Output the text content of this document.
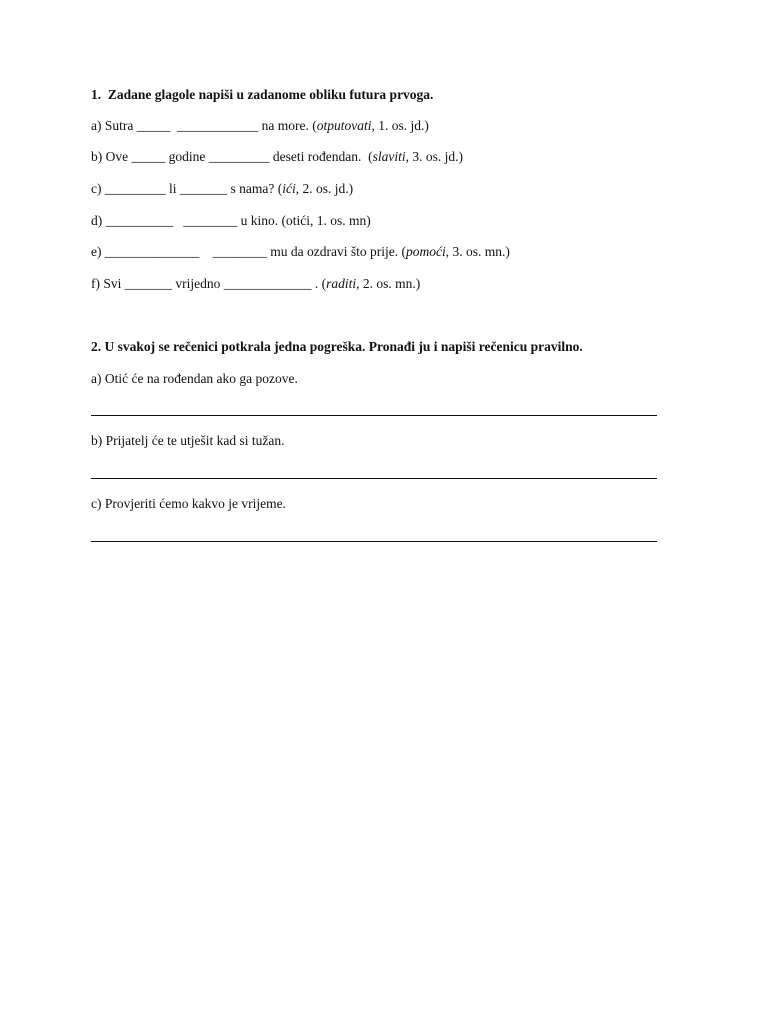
1.  Zadane glagole napiši u zadanome obliku futura prvoga.
a) Sutra _____  ____________ na more. (otputovati, 1. os. jd.)
b) Ove _____ godine _________ deseti rođendan.  (slaviti, 3. os. jd.)
c) _________ li _______ s nama? (ići, 2. os. jd.)
d) __________   ________ u kino. (otići, 1. os. mn)
e) ______________    ________ mu da ozdravi što prije. (pomoći, 3. os. mn.)
f) Svi _______ vrijedno _____________ . (raditi, 2. os. mn.)
2. U svakoj se rečenici potkrala jedna pogreška. Pronađi ju i napiši rečenicu pravilno.
a) Otić će na rođendan ako ga pozove.
b) Prijatelj će te utješit kad si tužan.
c) Provjeriti ćemo kakvo je vrijeme.
